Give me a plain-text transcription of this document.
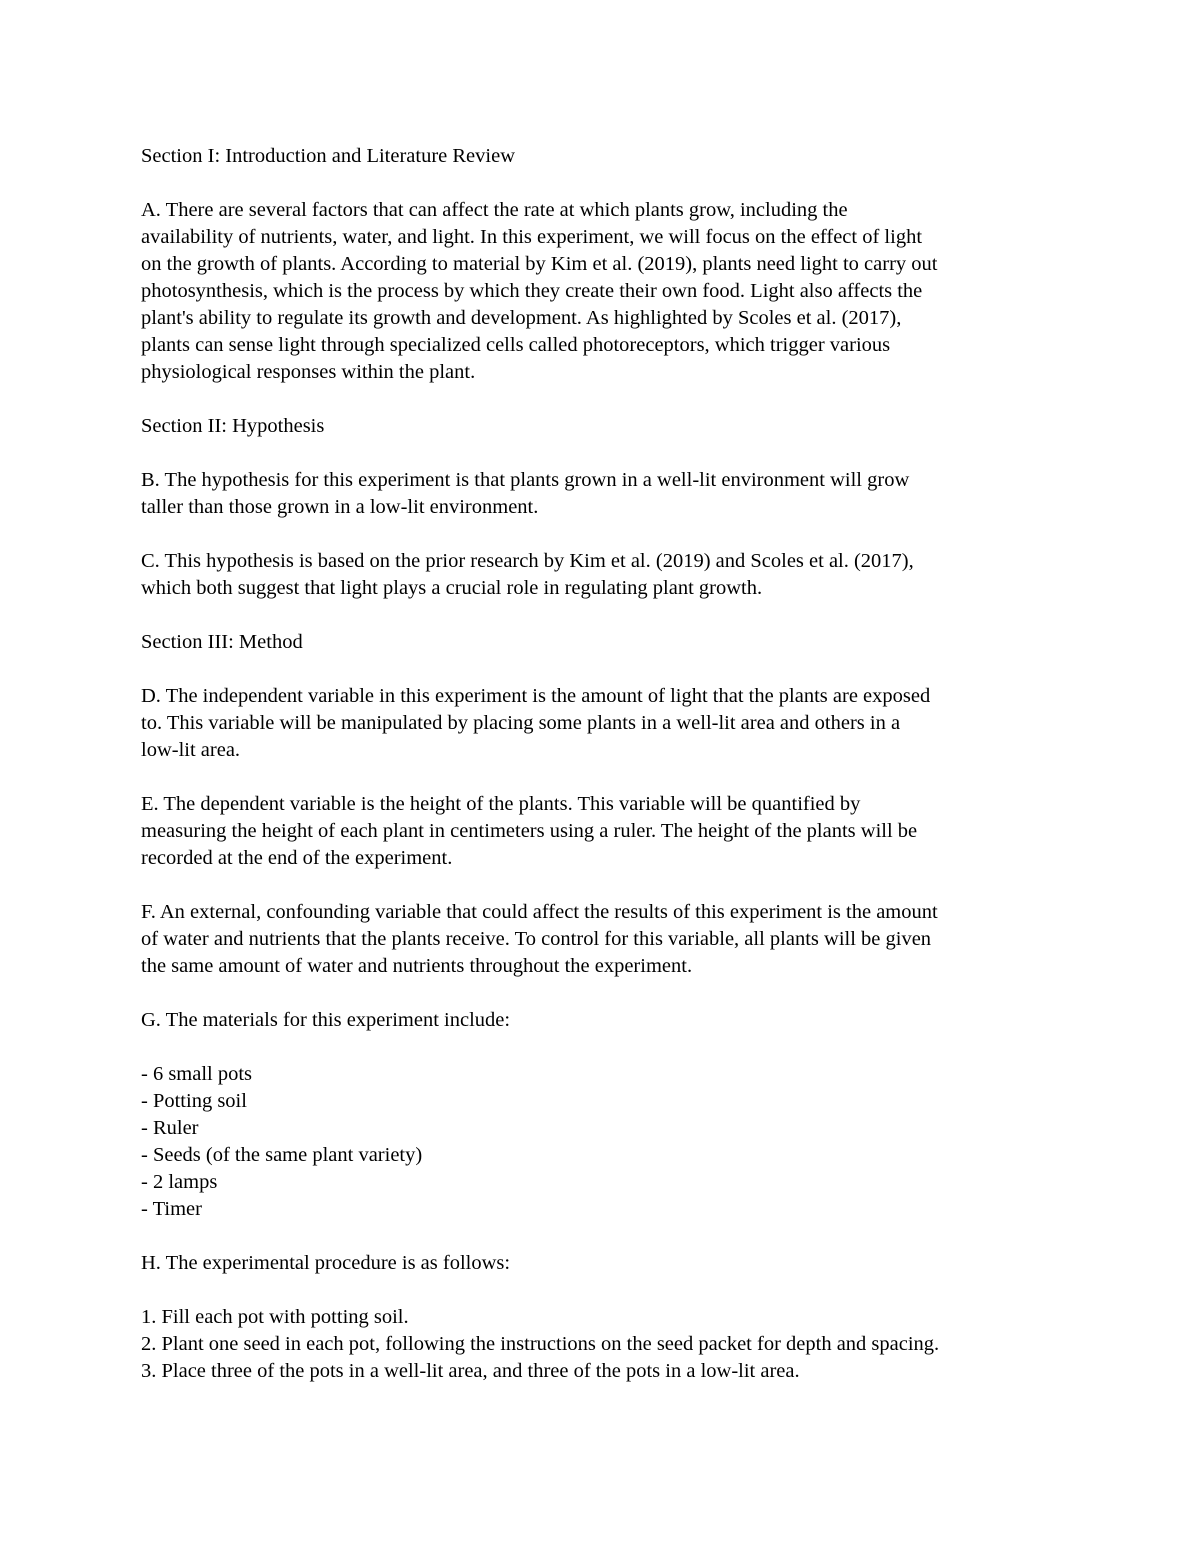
Section I: Introduction and Literature Review
A. There are several factors that can affect the rate at which plants grow, including the
availability of nutrients, water, and light. In this experiment, we will focus on the effect of light
on the growth of plants. According to material by Kim et al. (2019), plants need light to carry out
photosynthesis, which is the process by which they create their own food. Light also affects the
plant's ability to regulate its growth and development. As highlighted by Scoles et al. (2017),
plants can sense light through specialized cells called photoreceptors, which trigger various
physiological responses within the plant.
Section II: Hypothesis
B. The hypothesis for this experiment is that plants grown in a well-lit environment will grow
taller than those grown in a low-lit environment.
C. This hypothesis is based on the prior research by Kim et al. (2019) and Scoles et al. (2017),
which both suggest that light plays a crucial role in regulating plant growth.
Section III: Method
D. The independent variable in this experiment is the amount of light that the plants are exposed
to. This variable will be manipulated by placing some plants in a well-lit area and others in a
low-lit area.
E. The dependent variable is the height of the plants. This variable will be quantified by
measuring the height of each plant in centimeters using a ruler. The height of the plants will be
recorded at the end of the experiment.
F. An external, confounding variable that could affect the results of this experiment is the amount
of water and nutrients that the plants receive. To control for this variable, all plants will be given
the same amount of water and nutrients throughout the experiment.
G. The materials for this experiment include:
- 6 small pots
- Potting soil
- Ruler
- Seeds (of the same plant variety)
- 2 lamps
- Timer
H. The experimental procedure is as follows:
1. Fill each pot with potting soil.
2. Plant one seed in each pot, following the instructions on the seed packet for depth and spacing.
3. Place three of the pots in a well-lit area, and three of the pots in a low-lit area.
